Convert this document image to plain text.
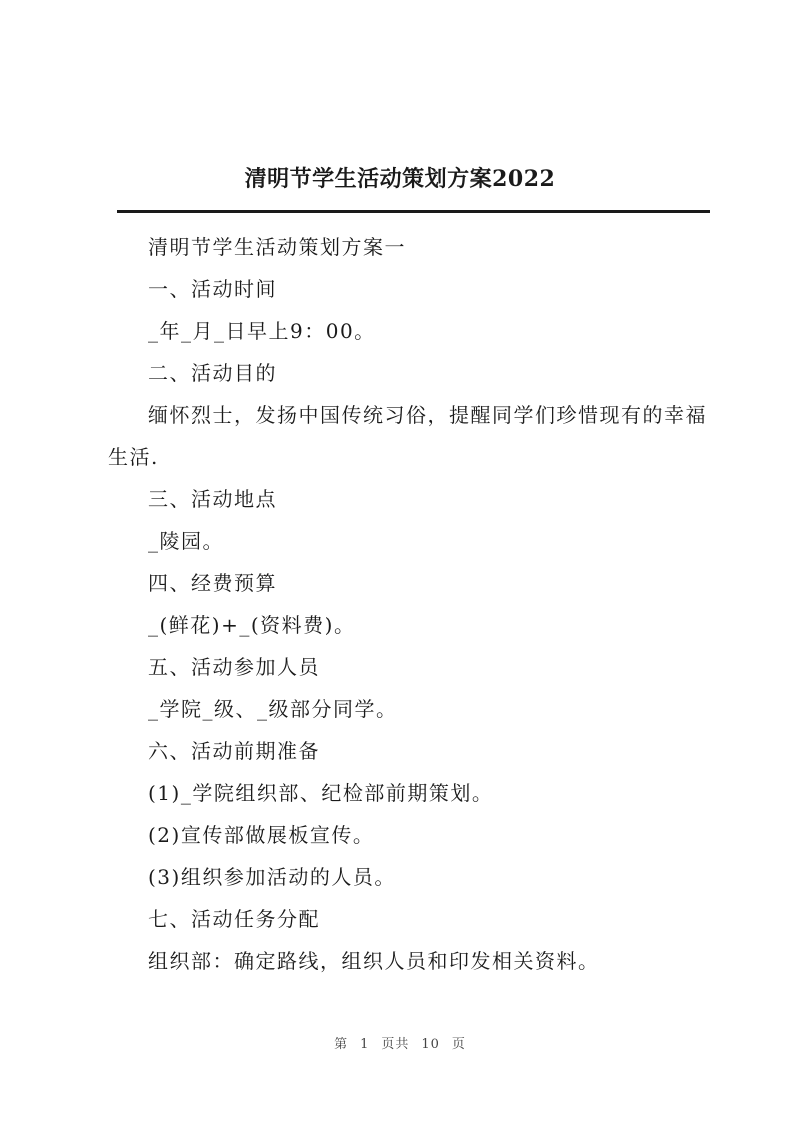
清明节学生活动策划方案2022

清明节学生活动策划方案一

一、活动时间

_年_月_日早上9：00。

二、活动目的

缅怀烈士，发扬中国传统习俗，提醒同学们珍惜现有的幸福生活.

三、活动地点

_陵园。

四、经费预算

_(鲜花)+_(资料费)。

五、活动参加人员

_学院_级、_级部分同学。

六、活动前期准备

(1)_学院组织部、纪检部前期策划。

(2)宣传部做展板宣传。

(3)组织参加活动的人员。

七、活动任务分配

组织部：确定路线，组织人员和印发相关资料。

第 1 页共 10 页
